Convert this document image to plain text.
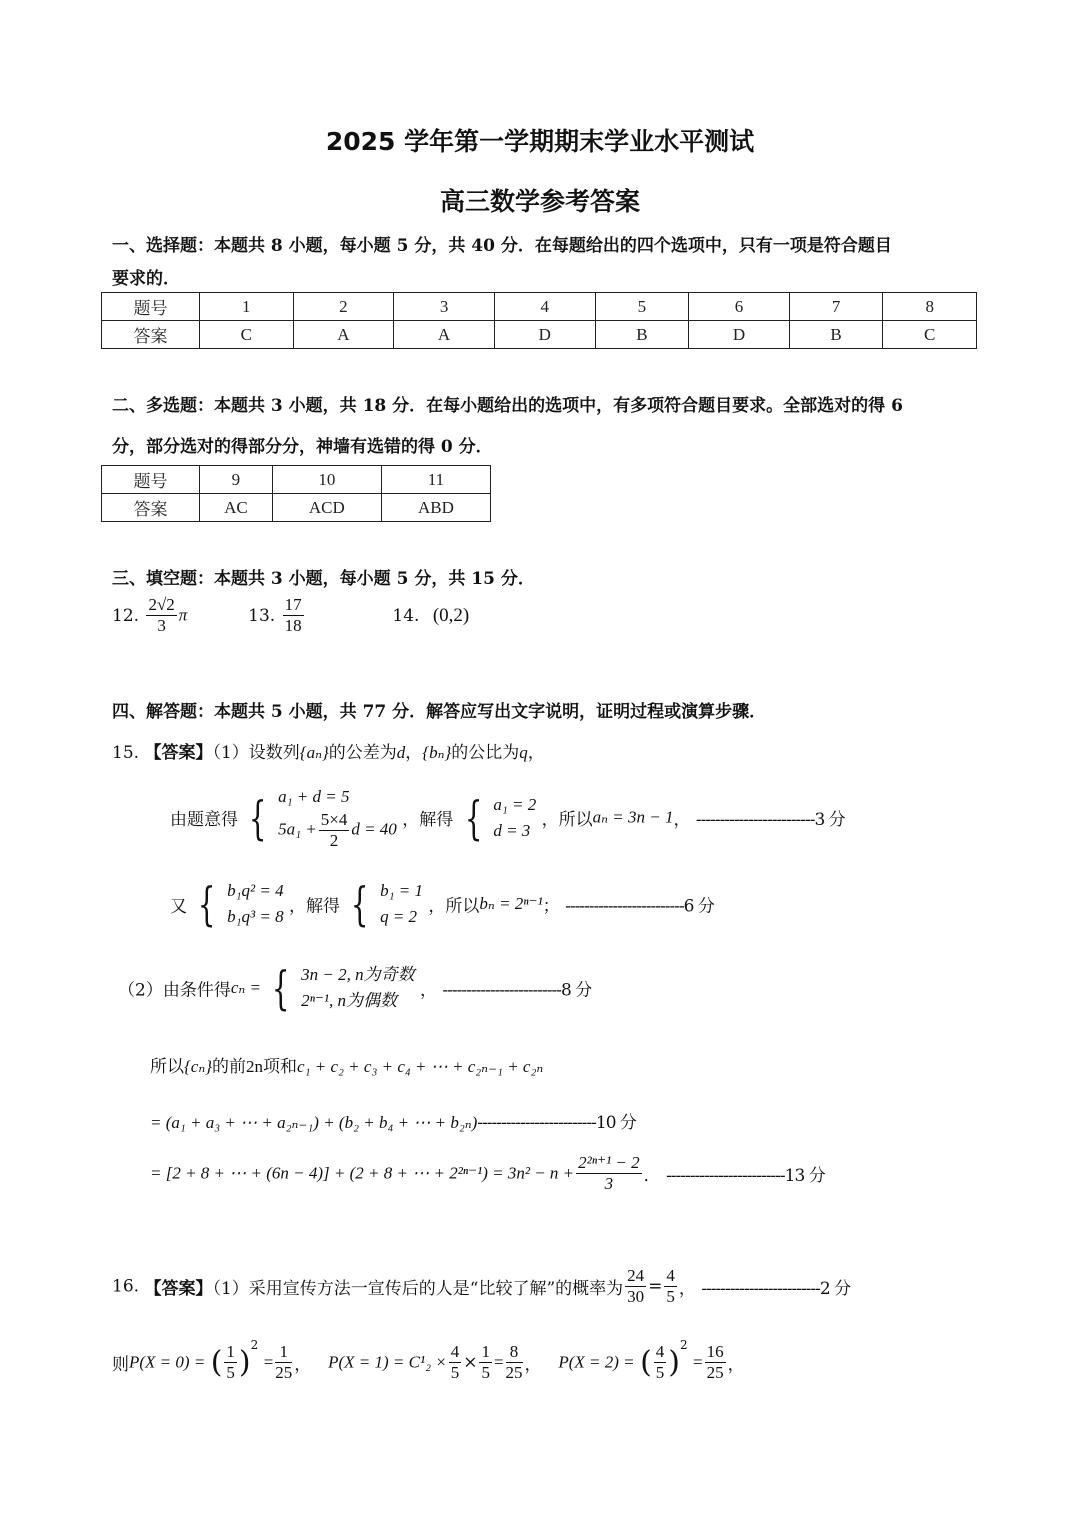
2025 学年第一学期期末学业水平测试
高三数学参考答案
一、选择题：本题共 8 小题，每小题 5 分，共 40 分．在每题给出的四个选项中，只有一项是符合题目
要求的．
题号	1	2	3	4	5	6	7	8
答案	C	A	A	D	B	D	B	C
二、多选题：本题共 3 小题，共 18 分．在每小题给出的选项中，有多项符合题目要求。全部选对的得 6
分，部分选对的得部分分，神墙有选错的得 0 分．
题号	9	10	11
答案	AC	ACD	ABD
三、填空题：本题共 3 小题，每小题 5 分，共 15 分．
12. $\frac{2√2}{3}$ π	13. $\frac{17}{18}$	14. (0,2)
四、解答题：本题共 5 小题，共 77 分．解答应写出文字说明，证明过程或演算步骤．
15. 【答案】（1）设数列{aₙ}的公差为d，{bₙ}的公比为q，
由题意得 { a₁ + d = 5
$5a_1 + \frac{5\times 4}{2}$ d = 40 ，解得 { a₁ = 2
d = 3 ，所以aₙ = 3n − 1， -------------------------3 分
又 { b₁q² = 4
b₁q³ = 8 ，解得 { b₁ = 1
q = 2 ，所以bₙ = 2ⁿ⁻¹； -------------------------6 分
（2）由条件得cₙ = { 3n − 2, n为奇数
2ⁿ⁻¹, n为偶数	， -------------------------8 分
所以{cₙ}的前2n项和c₁ + c₂ + c₃ + c₄ + ⋯ + c₂ₙ₋₁ + c₂ₙ
= (a₁ + a₃ + ⋯ + a₂ₙ₋₁) + (b₂ + b₄ + ⋯ + b₂ₙ)-------------------------10 分
= [2 + 8 + ⋯ + (6n − 4)] + (2 + 8 + ⋯ + $2^{2n-1}) = 3n^2 - n + \frac{\text{2²ⁿ⁺¹ − 2}}{3}$ ． -------------------------13 分
16. 【答案】（1）采用宣传方法一宣传后的人是“比较了解”的概率为 $\frac{24}{30} = \frac{4}{5}$ ， -------------------------2 分
则P(X = 0) = ( $\frac{1}{5} )^2 = \frac{1}{25}$ ， $P(X = 1) = C^1_2 \times \frac{4}{5} \times \frac{1}{5} = \frac{8}{25}$ ， P(X = 2) = ( $\frac{4}{5} )^2 = \frac{16}{25}$ ，
